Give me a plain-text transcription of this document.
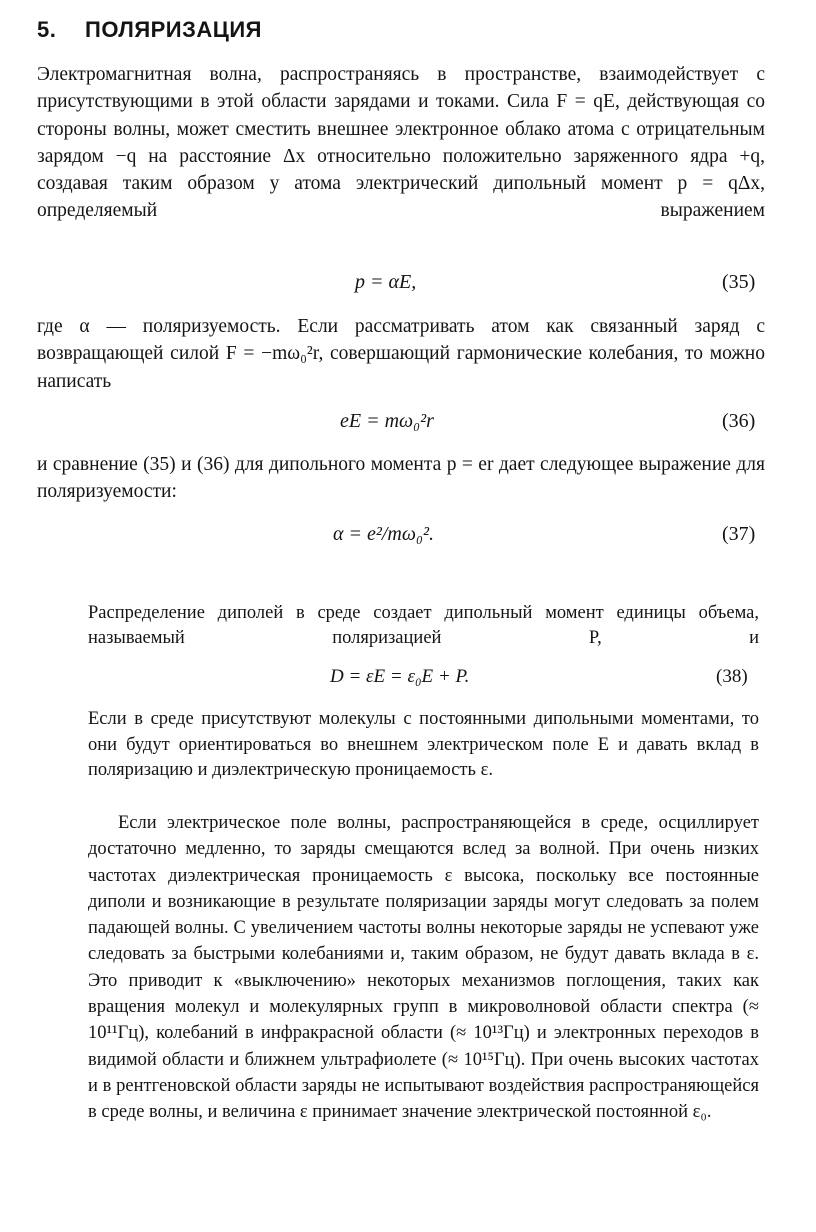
5. ПОЛЯРИЗАЦИЯ

Электромагнитная волна, распространяясь в пространстве, взаимодействует с присутствующими в этой области зарядами и токами. Сила F = qE, действующая со стороны волны, может сместить внешнее электронное облако атома с отрицательным зарядом −q на расстояние Δx относительно положительно заряженного ядра +q, создавая таким образом у атома электрический дипольный момент p = qΔx, определяемый выражением

p = αE,	(35)

где α — поляризуемость. Если рассматривать атом как связанный заряд с возвращающей силой F = −mω₀²r, совершающий гармонические колебания, то можно написать

eE = mω₀²r	(36)

и сравнение (35) и (36) для дипольного момента p = er дает следующее выражение для поляризуемости:

α = e²/mω₀².	(37)

Распределение диполей в среде создает дипольный момент единицы объема, называемый поляризацией P, и

D = εE = ε₀E + P.	(38)

Если в среде присутствуют молекулы с постоянными дипольными моментами, то они будут ориентироваться во внешнем электрическом поле E и давать вклад в поляризацию и диэлектрическую проницаемость ε.

Если электрическое поле волны, распространяющейся в среде, осциллирует достаточно медленно, то заряды смещаются вслед за волной. При очень низких частотах диэлектрическая проницаемость ε высока, поскольку все постоянные диполи и возникающие в результате поляризации заряды могут следовать за полем падающей волны. С увеличением частоты волны некоторые заряды не успевают уже следовать за быстрыми колебаниями и, таким образом, не будут давать вклада в ε. Это приводит к «выключению» некоторых механизмов поглощения, таких как вращения молекул и молекулярных групп в микроволновой области спектра (≈ 10¹¹Гц), колебаний в инфракрасной области (≈ 10¹³Гц) и электронных переходов в видимой области и ближнем ультрафиолете (≈ 10¹⁵Гц). При очень высоких частотах и в рентгеновской области заряды не испытывают воздействия распространяющейся в среде волны, и величина ε принимает значение электрической постоянной ε₀.
